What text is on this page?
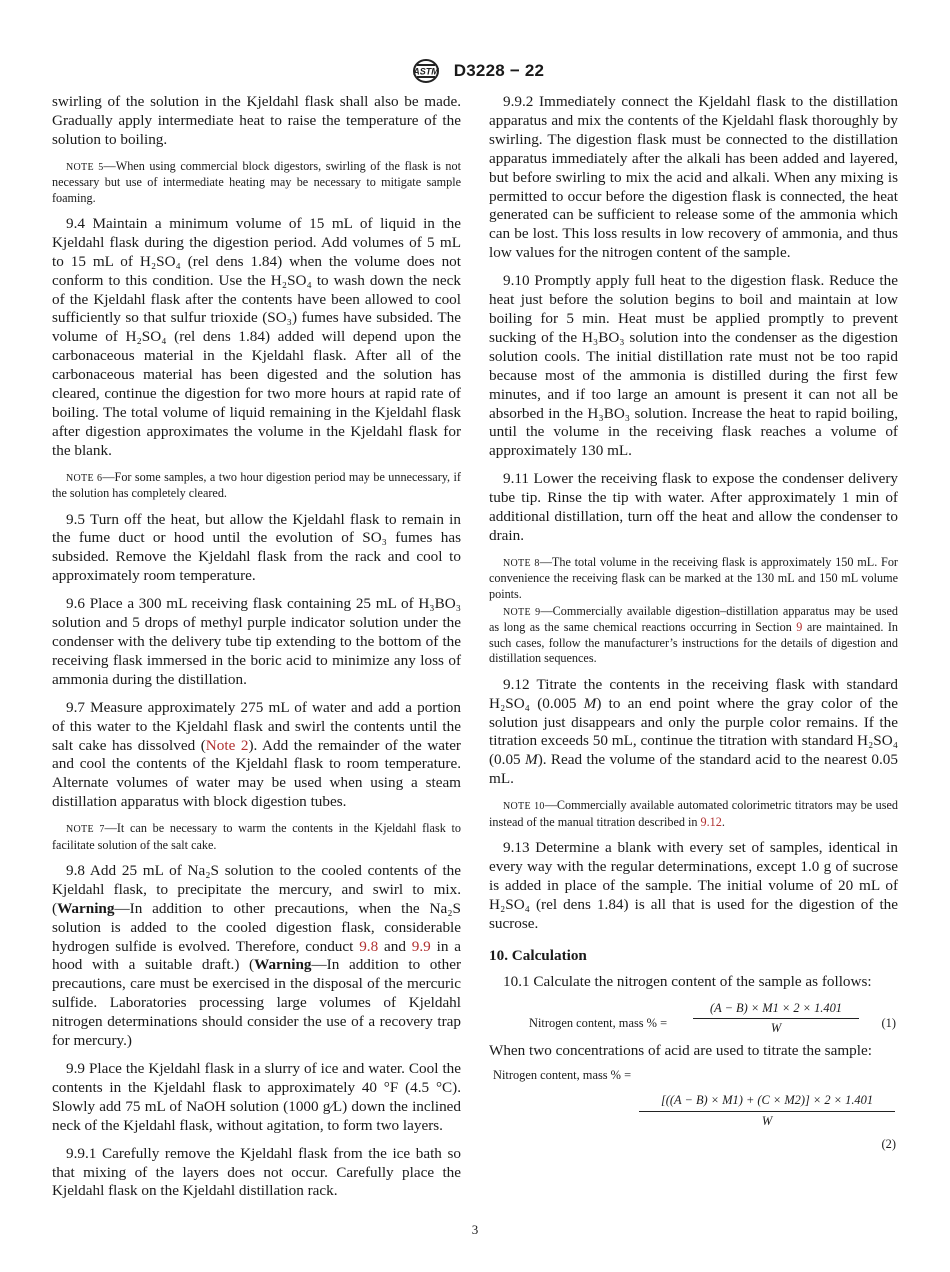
ASTM D3228 − 22

swirling of the solution in the Kjeldahl flask shall also be made. Gradually apply intermediate heat to raise the temperature of the solution to boiling.

NOTE 5—When using commercial block digestors, swirling of the flask is not necessary but use of intermediate heating may be necessary to mitigate sample foaming.

9.4 Maintain a minimum volume of 15 mL of liquid in the Kjeldahl flask during the digestion period. Add volumes of 5 mL to 15 mL of H₂SO₄ (rel dens 1.84) when the volume does not conform to this condition. Use the H₂SO₄ to wash down the neck of the Kjeldahl flask after the contents have been allowed to cool sufficiently so that sulfur trioxide (SO₃) fumes have subsided. The volume of H₂SO₄ (rel dens 1.84) added will depend upon the carbonaceous material in the Kjeldahl flask. After all of the carbonaceous material has been digested and the solution has cleared, continue the digestion for two more hours at rapid rate of boiling. The total volume of liquid remaining in the Kjeldahl flask after digestion approximates the volume in the Kjeldahl flask for the blank.

NOTE 6—For some samples, a two hour digestion period may be unnecessary, if the solution has completely cleared.

9.5 Turn off the heat, but allow the Kjeldahl flask to remain in the fume duct or hood until the evolution of SO₃ fumes has subsided. Remove the Kjeldahl flask from the rack and cool to approximately room temperature.

9.6 Place a 300 mL receiving flask containing 25 mL of H₃BO₃ solution and 5 drops of methyl purple indicator solution under the condenser with the delivery tube tip extending to the bottom of the receiving flask immersed in the boric acid to minimize any loss of ammonia during the distillation.

9.7 Measure approximately 275 mL of water and add a portion of this water to the Kjeldahl flask and swirl the contents until the salt cake has dissolved (Note 2). Add the remainder of the water and cool the contents of the Kjeldahl flask to room temperature. Alternate volumes of water may be used when using a steam distillation apparatus with block digestion tubes.

NOTE 7—It can be necessary to warm the contents in the Kjeldahl flask to facilitate solution of the salt cake.

9.8 Add 25 mL of Na₂S solution to the cooled contents of the Kjeldahl flask, to precipitate the mercury, and swirl to mix. (Warning—In addition to other precautions, when the Na₂S solution is added to the cooled digestion flask, considerable hydrogen sulfide is evolved. Therefore, conduct 9.8 and 9.9 in a hood with a suitable draft.) (Warning—In addition to other precautions, care must be exercised in the disposal of the mercuric sulfide. Laboratories processing large volumes of Kjeldahl nitrogen determinations should consider the use of a recovery trap for mercury.)

9.9 Place the Kjeldahl flask in a slurry of ice and water. Cool the contents in the Kjeldahl flask to approximately 40 °F (4.5 °C). Slowly add 75 mL of NaOH solution (1000 g⁄L) down the inclined neck of the Kjeldahl flask, without agitation, to form two layers.

9.9.1 Carefully remove the Kjeldahl flask from the ice bath so that mixing of the layers does not occur. Carefully place the Kjeldahl flask on the Kjeldahl distillation rack.

9.9.2 Immediately connect the Kjeldahl flask to the distillation apparatus and mix the contents of the Kjeldahl flask thoroughly by swirling. The digestion flask must be connected to the distillation apparatus immediately after the alkali has been added and layered, but before swirling to mix the acid and alkali. When any mixing is permitted to occur before the digestion flask is connected, the heat generated can be sufficient to release some of the ammonia which can be lost. This loss results in low recovery of ammonia, and thus low values for the nitrogen content of the sample.

9.10 Promptly apply full heat to the digestion flask. Reduce the heat just before the solution begins to boil and maintain at low boiling for 5 min. Heat must be applied promptly to prevent sucking of the H₃BO₃ solution into the condenser as the digestion solution cools. The initial distillation rate must not be too rapid because most of the ammonia is distilled during the first few minutes, and if too large an amount is present it can not all be absorbed in the H₃BO₃ solution. Increase the heat to rapid boiling, until the volume in the receiving flask reaches a volume of approximately 130 mL.

9.11 Lower the receiving flask to expose the condenser delivery tube tip. Rinse the tip with water. After approximately 1 min of additional distillation, turn off the heat and allow the condenser to drain.

NOTE 8—The total volume in the receiving flask is approximately 150 mL. For convenience the receiving flask can be marked at the 130 mL and 150 mL volume points.

NOTE 9—Commercially available digestion–distillation apparatus may be used as long as the same chemical reactions occurring in Section 9 are maintained. In such cases, follow the manufacturer’s instructions for the details of digestion and distillation sequences.

9.12 Titrate the contents in the receiving flask with standard H₂SO₄ (0.005 M) to an end point where the gray color of the solution just disappears and only the purple color remains. If the titration exceeds 50 mL, continue the titration with standard H₂SO₄ (0.05 M). Read the volume of the standard acid to the nearest 0.05 mL.

NOTE 10—Commercially available automated colorimetric titrators may be used instead of the manual titration described in 9.12.

9.13 Determine a blank with every set of samples, identical in every way with the regular determinations, except 1.0 g of sucrose is added in place of the sample. The initial volume of 20 mL of H₂SO₄ (rel dens 1.84) is all that is used for the digestion of the sucrose.

10. Calculation

10.1 Calculate the nitrogen content of the sample as follows:

Nitrogen content, mass % = $\frac{(A - B) \times M1 \times 2 \times 1.401}{W} (1)$

When two concentrations of acid are used to titrate the sample:

Nitrogen content, mass % =
$\frac{[((A - B) \times M1) + (C \times M2)] \times 2 \times 1.401}{W}$
(2)
3
